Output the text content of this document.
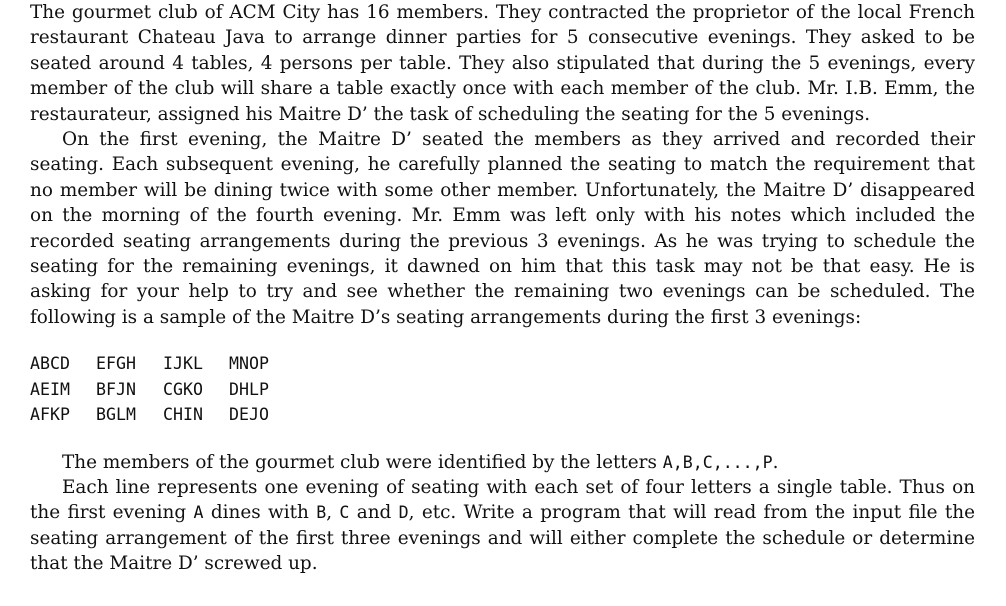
The gourmet club of ACM City has 16 members. They contracted the proprietor of the local French restaurant Chateau Java to arrange dinner parties for 5 consecutive evenings. They asked to be seated around 4 tables, 4 persons per table. They also stipulated that during the 5 evenings, every member of the club will share a table exactly once with each member of the club. Mr. I.B. Emm, the restaurateur, assigned his Maitre D’ the task of scheduling the seating for the 5 evenings.

On the first evening, the Maitre D’ seated the members as they arrived and recorded their seating. Each subsequent evening, he carefully planned the seating to match the requirement that no member will be dining twice with some other member. Unfortunately, the Maitre D’ disappeared on the morning of the fourth evening. Mr. Emm was left only with his notes which included the recorded seating arrangements during the previous 3 evenings. As he was trying to schedule the seating for the remaining evenings, it dawned on him that this task may not be that easy. He is asking for your help to try and see whether the remaining two evenings can be scheduled. The following is a sample of the Maitre D’s seating arrangements during the first 3 evenings:

ABCD	EFGH	IJKL	MNOP
AEIM	BFJN	CGKO	DHLP
AFKP	BGLM	CHIN	DEJO

The members of the gourmet club were identified by the letters A,B,C,...,P.

Each line represents one evening of seating with each set of four letters a single table. Thus on the first evening A dines with B, C and D, etc. Write a program that will read from the input file the seating arrangement of the first three evenings and will either complete the schedule or determine that the Maitre D’ screwed up.
